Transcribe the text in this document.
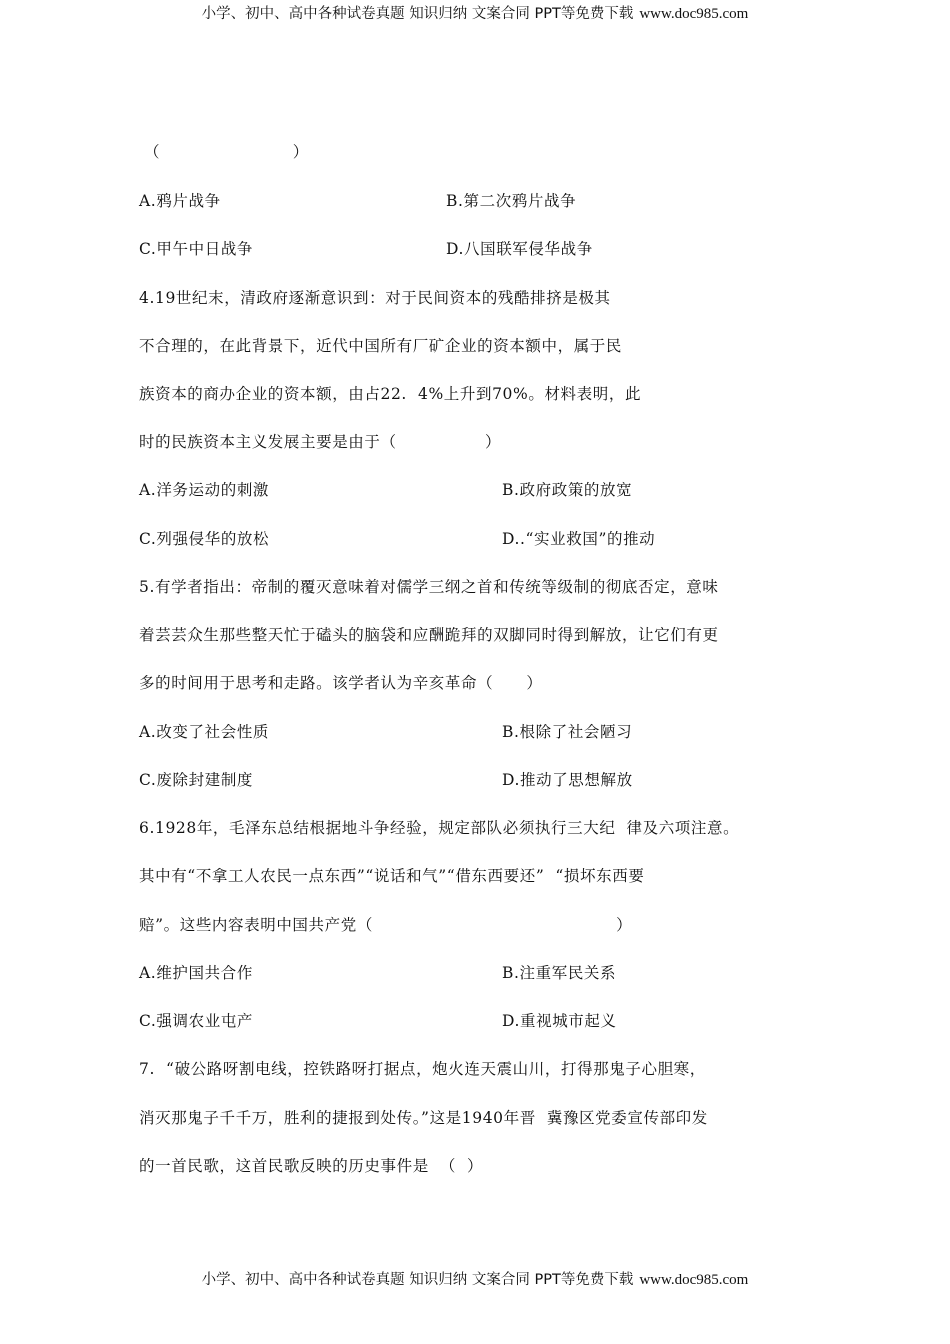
小学、初中、高中各种试卷真题 知识归纳 文案合同 PPT等免费下载 www.doc985.com
（                        ）
A.鸦片战争	B.第二次鸦片战争
C.甲午中日战争	D.八国联军侵华战争
4.19世纪末，清政府逐渐意识到：对于民间资本的残酷排挤是极其
不合理的，在此背景下，近代中国所有厂矿企业的资本额中，属于民
族资本的商办企业的资本额，由占22.  4%上升到70%。材料表明，此
时的民族资本主义发展主要是由于（                ）
A.洋务运动的刺激	B.政府政策的放宽
C.列强侵华的放松	D..“实业救国”的推动
5.有学者指出：帝制的覆灭意味着对儒学三纲之首和传统等级制的彻底否定，意味
着芸芸众生那些整天忙于磕头的脑袋和应酬跪拜的双脚同时得到解放，让它们有更
多的时间用于思考和走路。该学者认为辛亥革命（      ）
A.改变了社会性质	B.根除了社会陋习
C.废除封建制度	D.推动了思想解放
6.1928年，毛泽东总结根据地斗争经验，规定部队必须执行三大纪  律及六项注意。
其中有“不拿工人农民一点东西”“说话和气”“借东西要还”  “损坏东西要
赔”。这些内容表明中国共产党（                                            ）
A.维护国共合作	B.注重军民关系
C.强调农业屯产	D.重视城市起义
7.  “破公路呀割电线，控铁路呀打据点，炮火连天震山川，打得那鬼子心胆寒，
消灭那鬼子千千万，胜利的捷报到处传。”这是1940年晋  冀豫区党委宣传部印发
的一首民歌，这首民歌反映的历史事件是  （  ）
小学、初中、高中各种试卷真题 知识归纳 文案合同 PPT等免费下载 www.doc985.com
